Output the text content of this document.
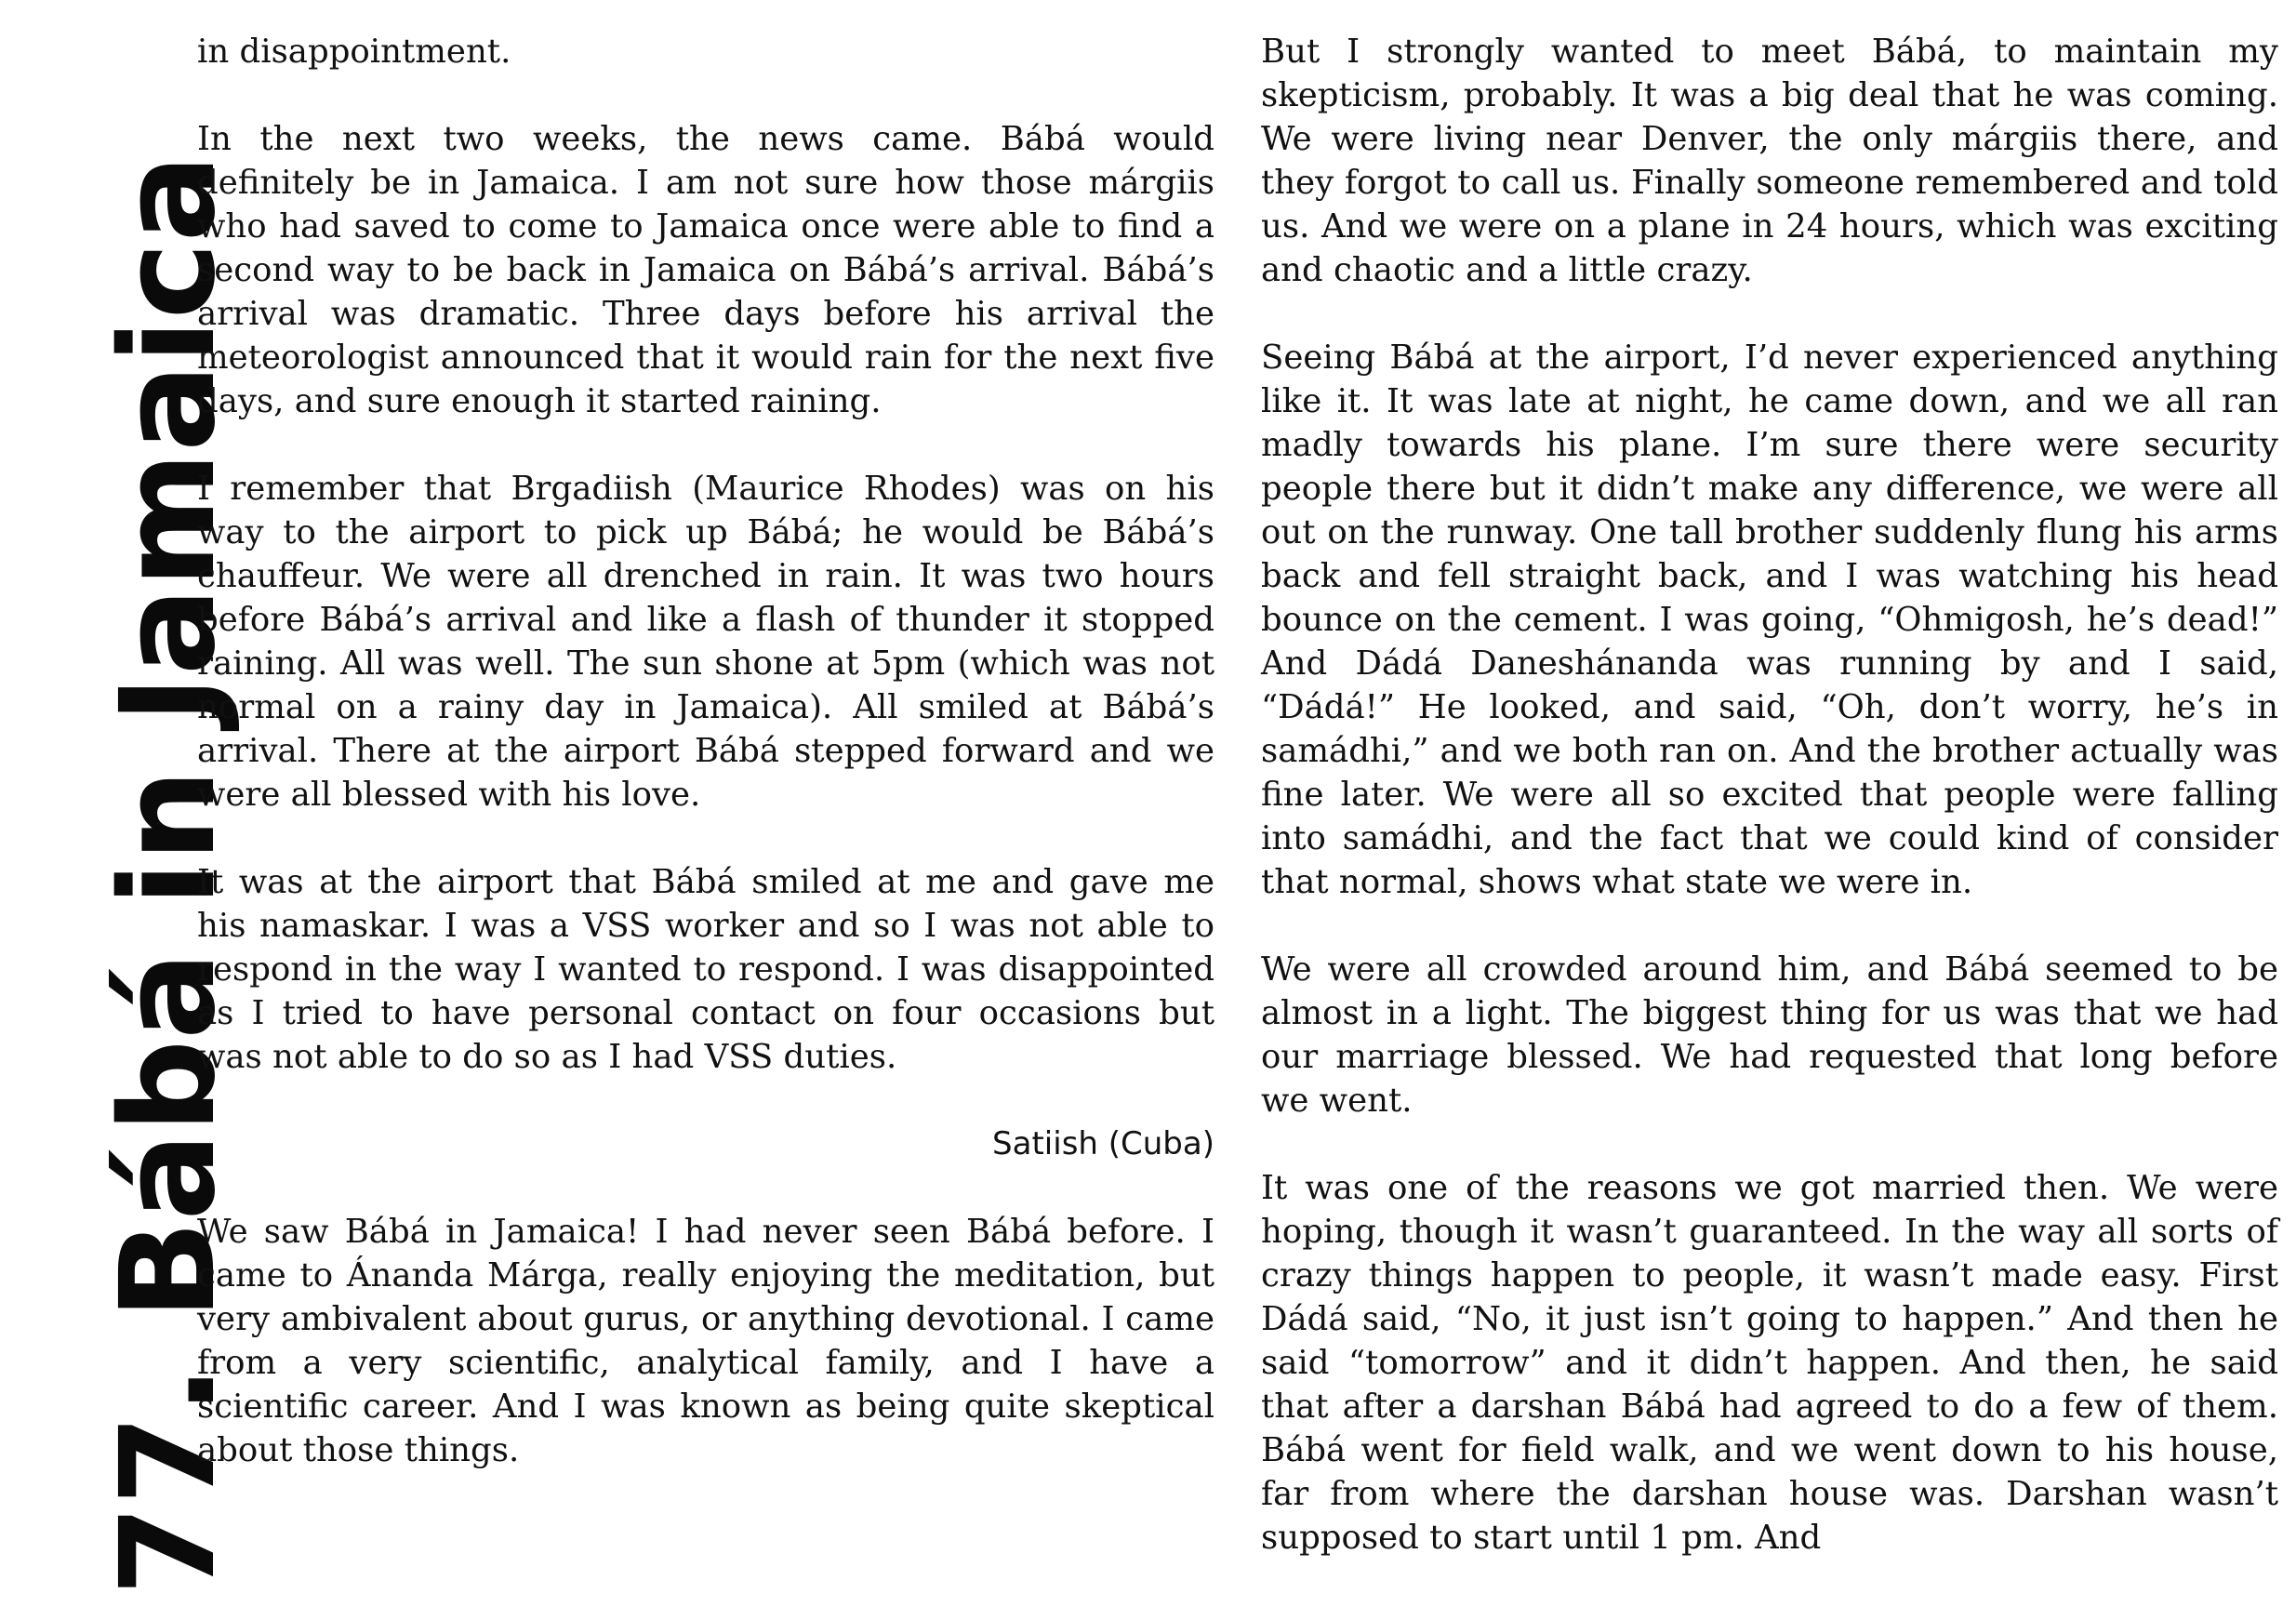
77. Bábá in Jamaica

in disappointment.

In the next two weeks, the news came. Bábá would definitely be in Jamaica. I am not sure how those márgiis who had saved to come to Jamaica once were able to find a second way to be back in Jamaica on Bábá’s arrival. Bábá’s arrival was dramatic. Three days before his arrival the meteorologist announced that it would rain for the next five days, and sure enough it started raining.

I remember that Brgadiish (Maurice Rhodes) was on his way to the airport to pick up Bábá; he would be Bábá’s chauffeur. We were all drenched in rain. It was two hours before Bábá’s arrival and like a flash of thunder it stopped raining. All was well. The sun shone at 5pm (which was not normal on a rainy day in Jamaica). All smiled at Bábá’s arrival. There at the airport Bábá stepped forward and we were all blessed with his love.

It was at the airport that Bábá smiled at me and gave me his namaskar. I was a VSS worker and so I was not able to respond in the way I wanted to respond. I was disappointed as I tried to have personal contact on four occasions but was not able to do so as I had VSS duties.

Satiish (Cuba)

We saw Bábá in Jamaica! I had never seen Bábá before. I came to Ánanda Márga, really enjoying the meditation, but very ambivalent about gurus, or anything devotional. I came from a very scientific, analytical family, and I have a scientific career. And I was known as being quite skeptical about those things.

But I strongly wanted to meet Bábá, to maintain my skepticism, probably. It was a big deal that he was coming. We were living near Denver, the only márgiis there, and they forgot to call us. Finally someone remembered and told us. And we were on a plane in 24 hours, which was exciting and chaotic and a little crazy.

Seeing Bábá at the airport, I’d never experienced anything like it. It was late at night, he came down, and we all ran madly towards his plane. I’m sure there were security people there but it didn’t make any difference, we were all out on the runway. One tall brother suddenly flung his arms back and fell straight back, and I was watching his head bounce on the cement. I was going, “Ohmigosh, he’s dead!” And Dádá Daneshánanda was running by and I said, “Dádá!” He looked, and said, “Oh, don’t worry, he’s in samádhi,” and we both ran on. And the brother actually was fine later. We were all so excited that people were falling into samádhi, and the fact that we could kind of consider that normal, shows what state we were in.

We were all crowded around him, and Bábá seemed to be almost in a light. The biggest thing for us was that we had our marriage blessed. We had requested that long before we went.

It was one of the reasons we got married then. We were hoping, though it wasn’t guaranteed. In the way all sorts of crazy things happen to people, it wasn’t made easy. First Dádá said, “No, it just isn’t going to happen.” And then he said “tomorrow” and it didn’t happen. And then, he said that after a darshan Bábá had agreed to do a few of them. Bábá went for field walk, and we went down to his house, far from where the darshan house was. Darshan wasn’t supposed to start until 1 pm. And
